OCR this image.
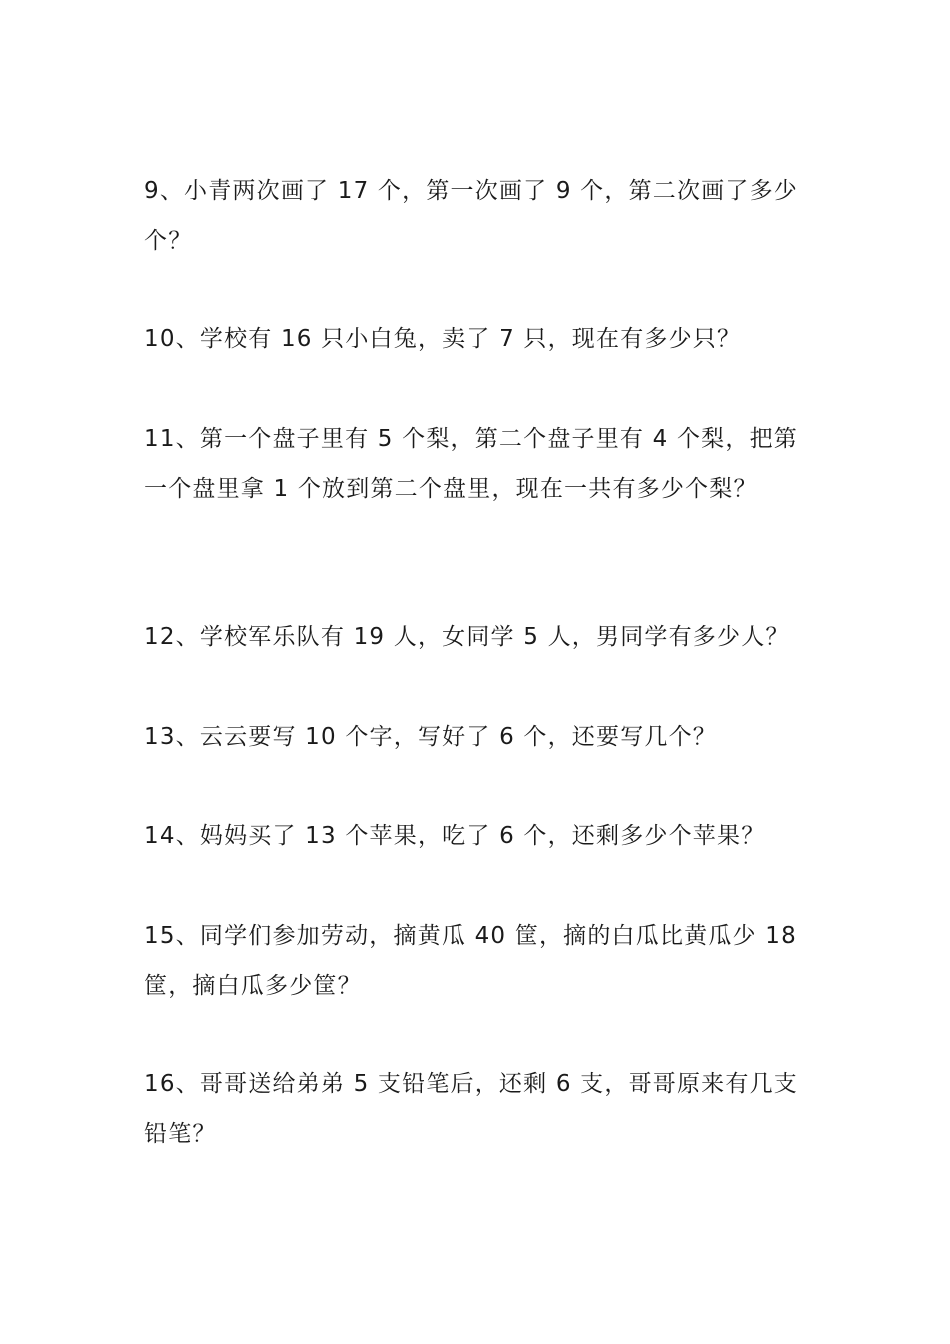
9、小青两次画了 17 个，第一次画了 9 个，第二次画了多少个？

10、学校有 16 只小白兔，卖了 7 只，现在有多少只？

11、第一个盘子里有 5 个梨，第二个盘子里有 4 个梨，把第一个盘里拿 1 个放到第二个盘里，现在一共有多少个梨？

12、学校军乐队有 19 人，女同学 5 人，男同学有多少人？

13、云云要写 10 个字，写好了 6 个，还要写几个？

14、妈妈买了 13 个苹果，吃了 6 个，还剩多少个苹果？

15、同学们参加劳动，摘黄瓜 40 筐，摘的白瓜比黄瓜少 18 筐，摘白瓜多少筐？

16、哥哥送给弟弟 5 支铅笔后，还剩 6 支，哥哥原来有几支铅笔？
